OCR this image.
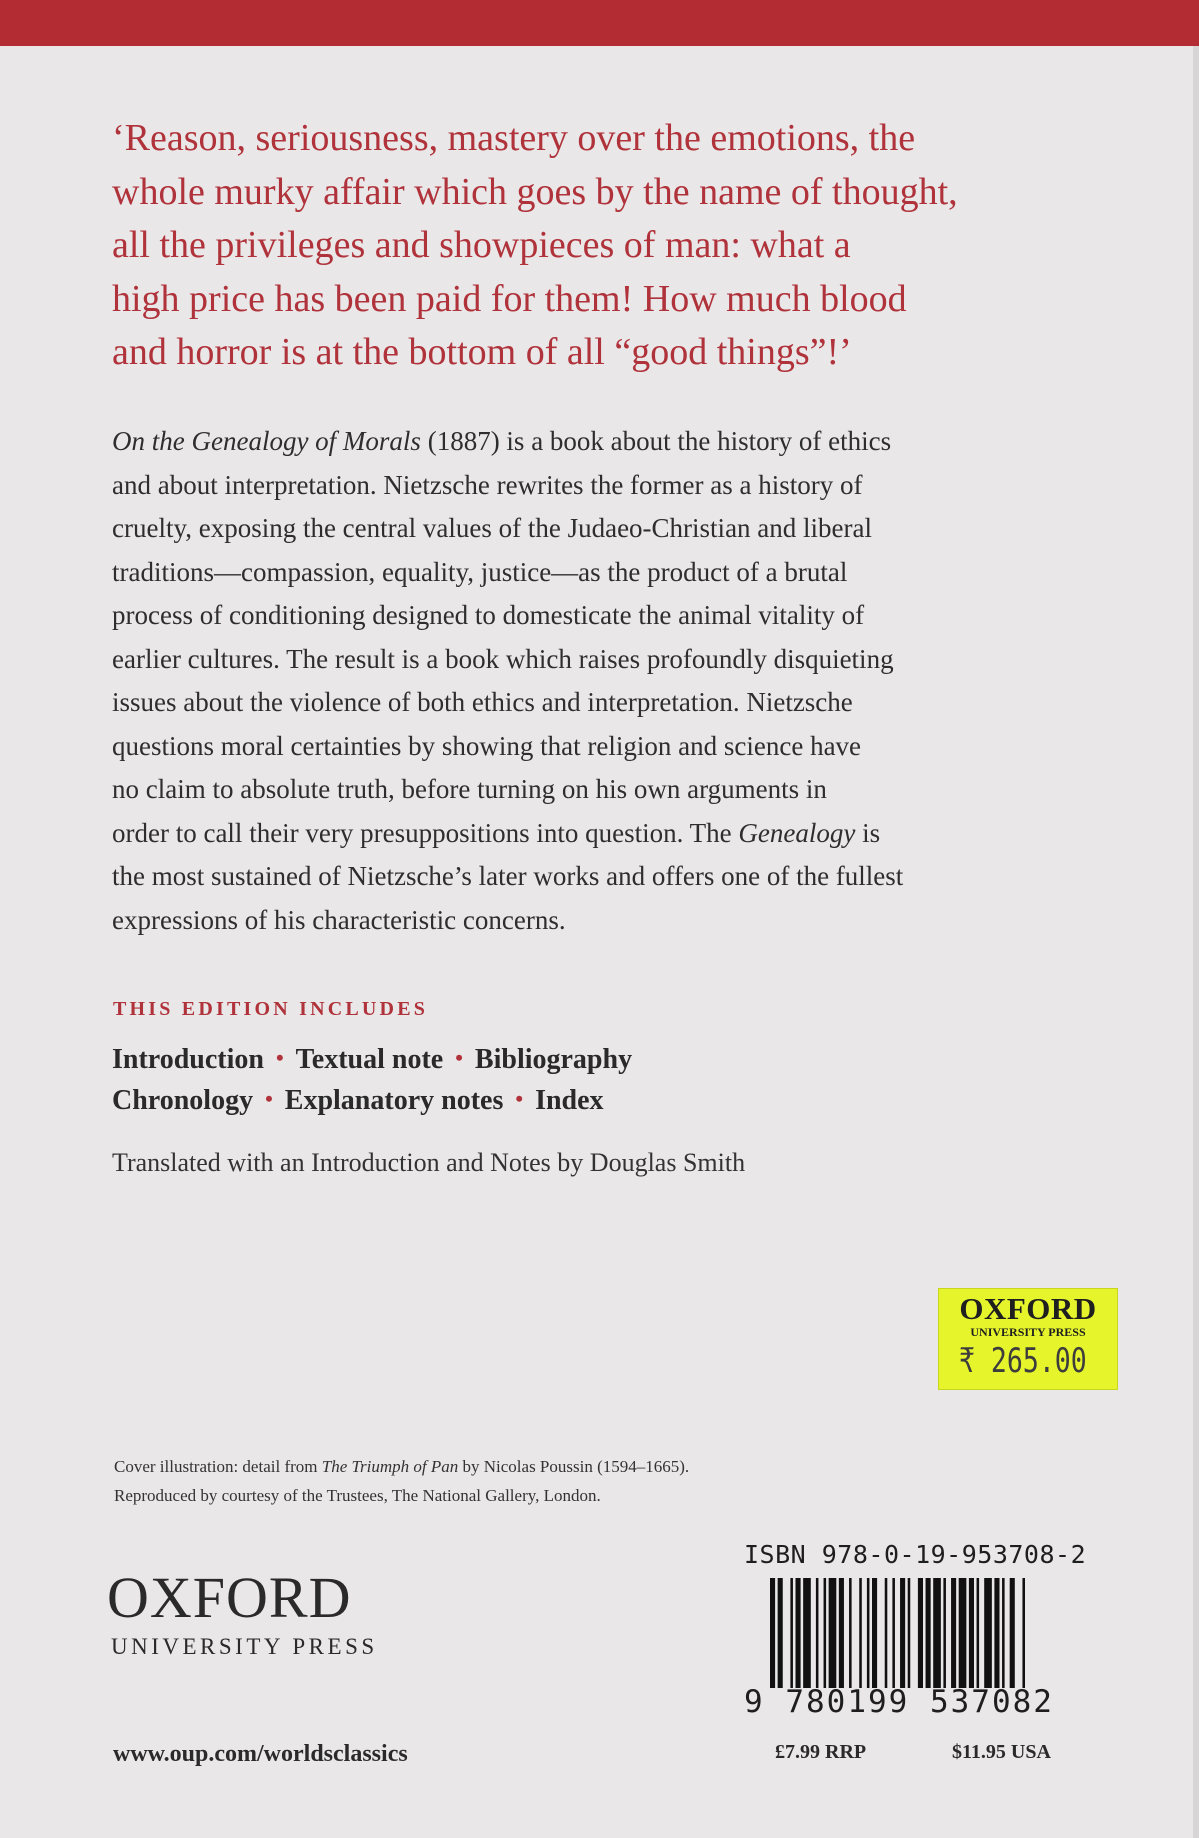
‘Reason, seriousness, mastery over the emotions, the
whole murky affair which goes by the name of thought,
all the privileges and showpieces of man: what a
high price has been paid for them! How much blood
and horror is at the bottom of all “good things”!’
On the Genealogy of Morals (1887) is a book about the history of ethics
and about interpretation. Nietzsche rewrites the former as a history of
cruelty, exposing the central values of the Judaeo-Christian and liberal
traditions—compassion, equality, justice—as the product of a brutal
process of conditioning designed to domesticate the animal vitality of
earlier cultures. The result is a book which raises profoundly disquieting
issues about the violence of both ethics and interpretation. Nietzsche
questions moral certainties by showing that religion and science have
no claim to absolute truth, before turning on his own arguments in
order to call their very presuppositions into question. The Genealogy is
the most sustained of Nietzsche’s later works and offers one of the fullest
expressions of his characteristic concerns.
THIS EDITION INCLUDES
Introduction • Textual note • Bibliography
Chronology • Explanatory notes • Index
Translated with an Introduction and Notes by Douglas Smith
OXFORD
UNIVERSITY PRESS
₹ 265.00
Cover illustration: detail from The Triumph of Pan by Nicolas Poussin (1594–1665).
Reproduced by courtesy of the Trustees, The National Gallery, London.
OXFORD
UNIVERSITY PRESS
ISBN 978-0-19-953708-2
9 780199 537082
www.oup.com/worldsclassics	£7.99 RRP	$11.95 USA
